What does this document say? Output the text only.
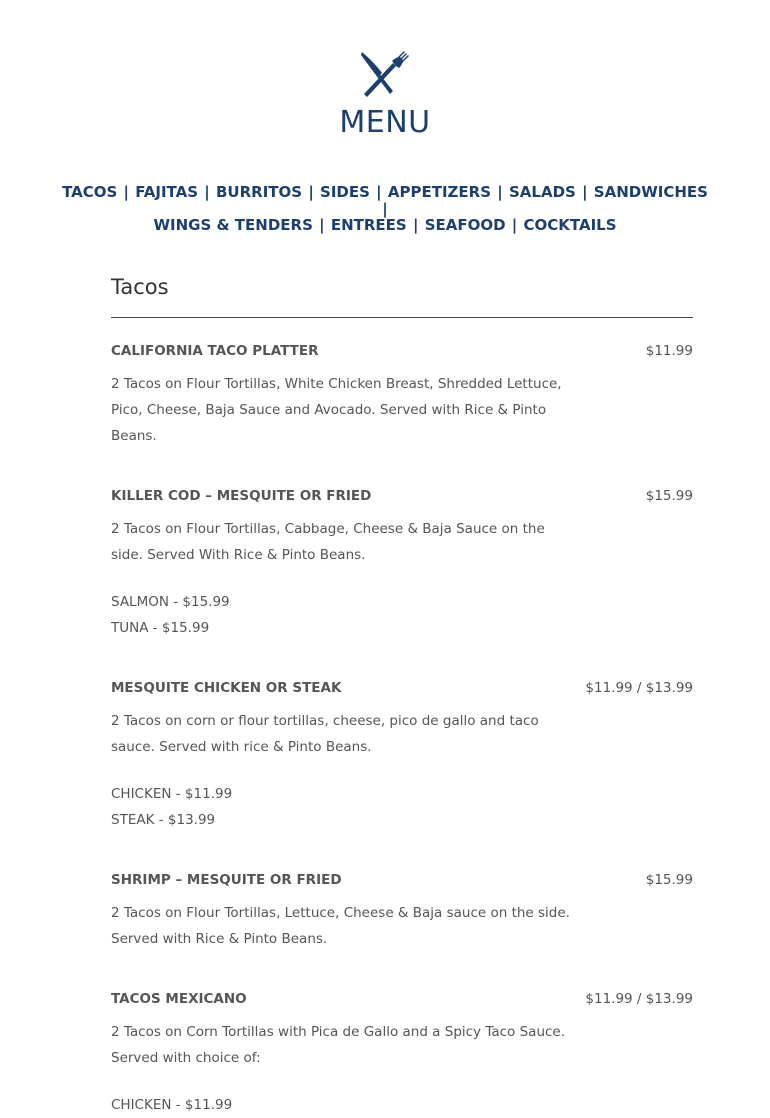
MENU
TACOS | FAJITAS | BURRITOS | SIDES | APPETIZERS | SALADS | SANDWICHES |
WINGS & TENDERS | ENTREES | SEAFOOD | COCKTAILS
Tacos
CALIFORNIA TACO PLATTER	$11.99
2 Tacos on Flour Tortillas, White Chicken Breast, Shredded Lettuce, Pico, Cheese, Baja Sauce and Avocado. Served with Rice & Pinto Beans.
KILLER COD – MESQUITE OR FRIED	$15.99
2 Tacos on Flour Tortillas, Cabbage, Cheese & Baja Sauce on the side. Served With Rice & Pinto Beans.
SALMON - $15.99
TUNA - $15.99
MESQUITE CHICKEN OR STEAK	$11.99 / $13.99
2 Tacos on corn or flour tortillas, cheese, pico de gallo and taco sauce. Served with rice & Pinto Beans.
CHICKEN - $11.99
STEAK - $13.99
SHRIMP – MESQUITE OR FRIED	$15.99
2 Tacos on Flour Tortillas, Lettuce, Cheese & Baja sauce on the side. Served with Rice & Pinto Beans.
TACOS MEXICANO	$11.99 / $13.99
2 Tacos on Corn Tortillas with Pica de Gallo and a Spicy Taco Sauce. Served with choice of:
CHICKEN - $11.99
